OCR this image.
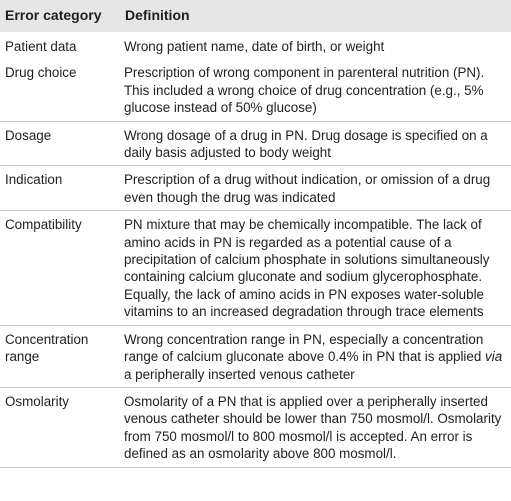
Error category	Definition
Patient data	Wrong patient name, date of birth, or weight
Drug choice	Prescription of wrong component in parenteral nutrition (PN). This included a wrong choice of drug concentration (e.g., 5% glucose instead of 50% glucose)
Dosage	Wrong dosage of a drug in PN. Drug dosage is specified on a daily basis adjusted to body weight
Indication	Prescription of a drug without indication, or omission of a drug even though the drug was indicated
Compatibility	PN mixture that may be chemically incompatible. The lack of amino acids in PN is regarded as a potential cause of a precipitation of calcium phosphate in solutions simultaneously containing calcium gluconate and sodium glycerophosphate. Equally, the lack of amino acids in PN exposes water-soluble vitamins to an increased degradation through trace elements
Concentration range	Wrong concentration range in PN, especially a concentration range of calcium gluconate above 0.4% in PN that is applied via a peripherally inserted venous catheter
Osmolarity	Osmolarity of a PN that is applied over a peripherally inserted venous catheter should be lower than 750 mosmol/l. Osmolarity from 750 mosmol/l to 800 mosmol/l is accepted. An error is defined as an osmolarity above 800 mosmol/l.
